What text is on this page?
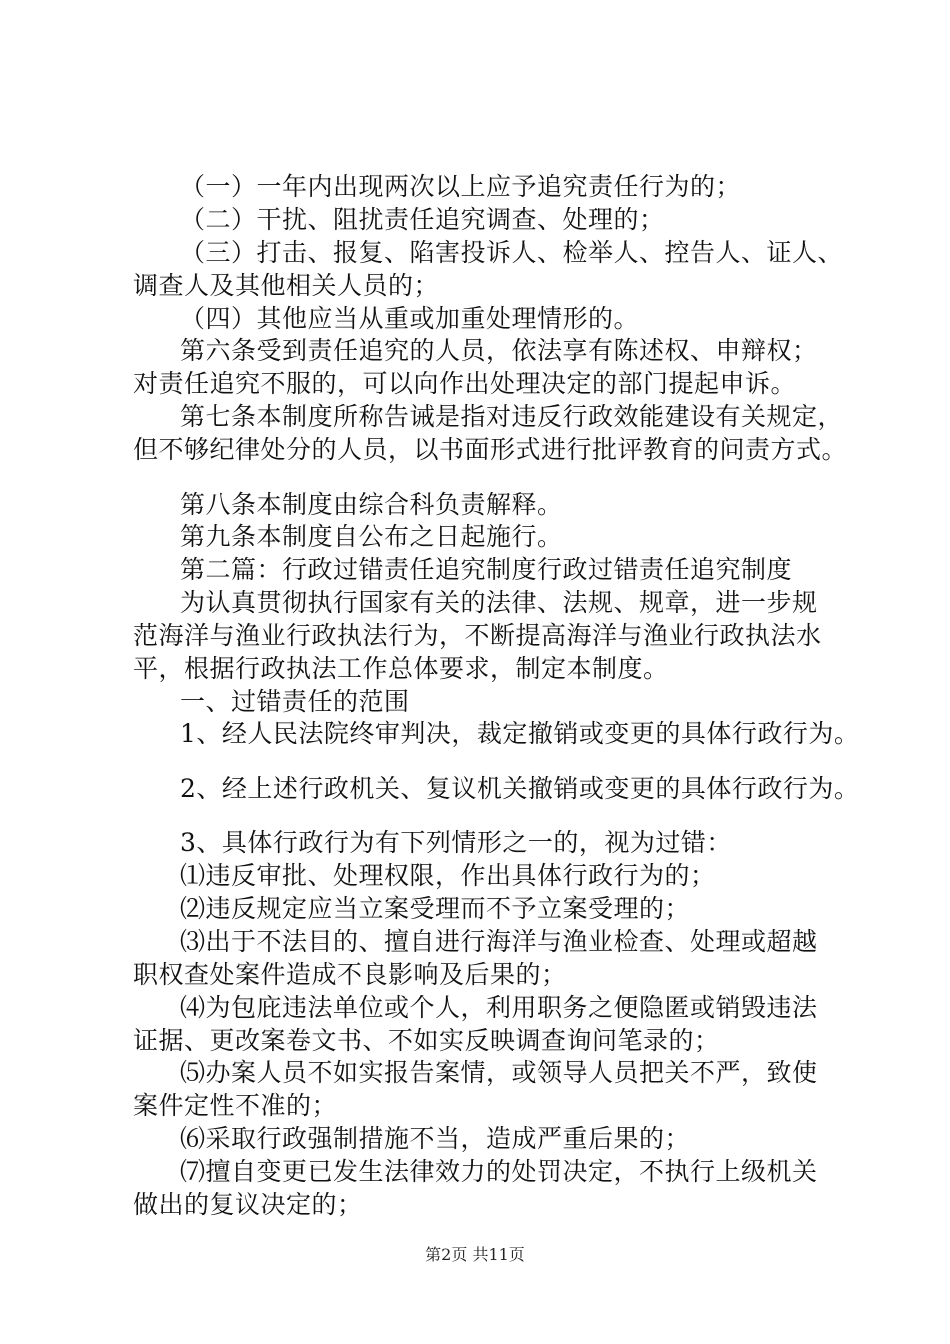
（一）一年内出现两次以上应予追究责任行为的；
（二）干扰、阻扰责任追究调查、处理的；
（三）打击、报复、陷害投诉人、检举人、控告人、证人、
调查人及其他相关人员的；
（四）其他应当从重或加重处理情形的。
第六条受到责任追究的人员，依法享有陈述权、申辩权；
对责任追究不服的，可以向作出处理决定的部门提起申诉。
第七条本制度所称告诫是指对违反行政效能建设有关规定，
但不够纪律处分的人员，以书面形式进行批评教育的问责方式。
第八条本制度由综合科负责解释。
第九条本制度自公布之日起施行。
第二篇：行政过错责任追究制度行政过错责任追究制度
为认真贯彻执行国家有关的法律、法规、规章，进一步规
范海洋与渔业行政执法行为，不断提高海洋与渔业行政执法水
平，根据行政执法工作总体要求，制定本制度。
一、过错责任的范围
1、经人民法院终审判决，裁定撤销或变更的具体行政行为。
2、经上述行政机关、复议机关撤销或变更的具体行政行为。
3、具体行政行为有下列情形之一的，视为过错：
⑴违反审批、处理权限，作出具体行政行为的；
⑵违反规定应当立案受理而不予立案受理的；
⑶出于不法目的、擅自进行海洋与渔业检查、处理或超越
职权查处案件造成不良影响及后果的；
⑷为包庇违法单位或个人，利用职务之便隐匿或销毁违法
证据、更改案卷文书、不如实反映调查询问笔录的；
⑸办案人员不如实报告案情，或领导人员把关不严，致使
案件定性不准的；
⑹采取行政强制措施不当，造成严重后果的；
⑺擅自变更已发生法律效力的处罚决定，不执行上级机关
做出的复议决定的；
第2页 共11页
